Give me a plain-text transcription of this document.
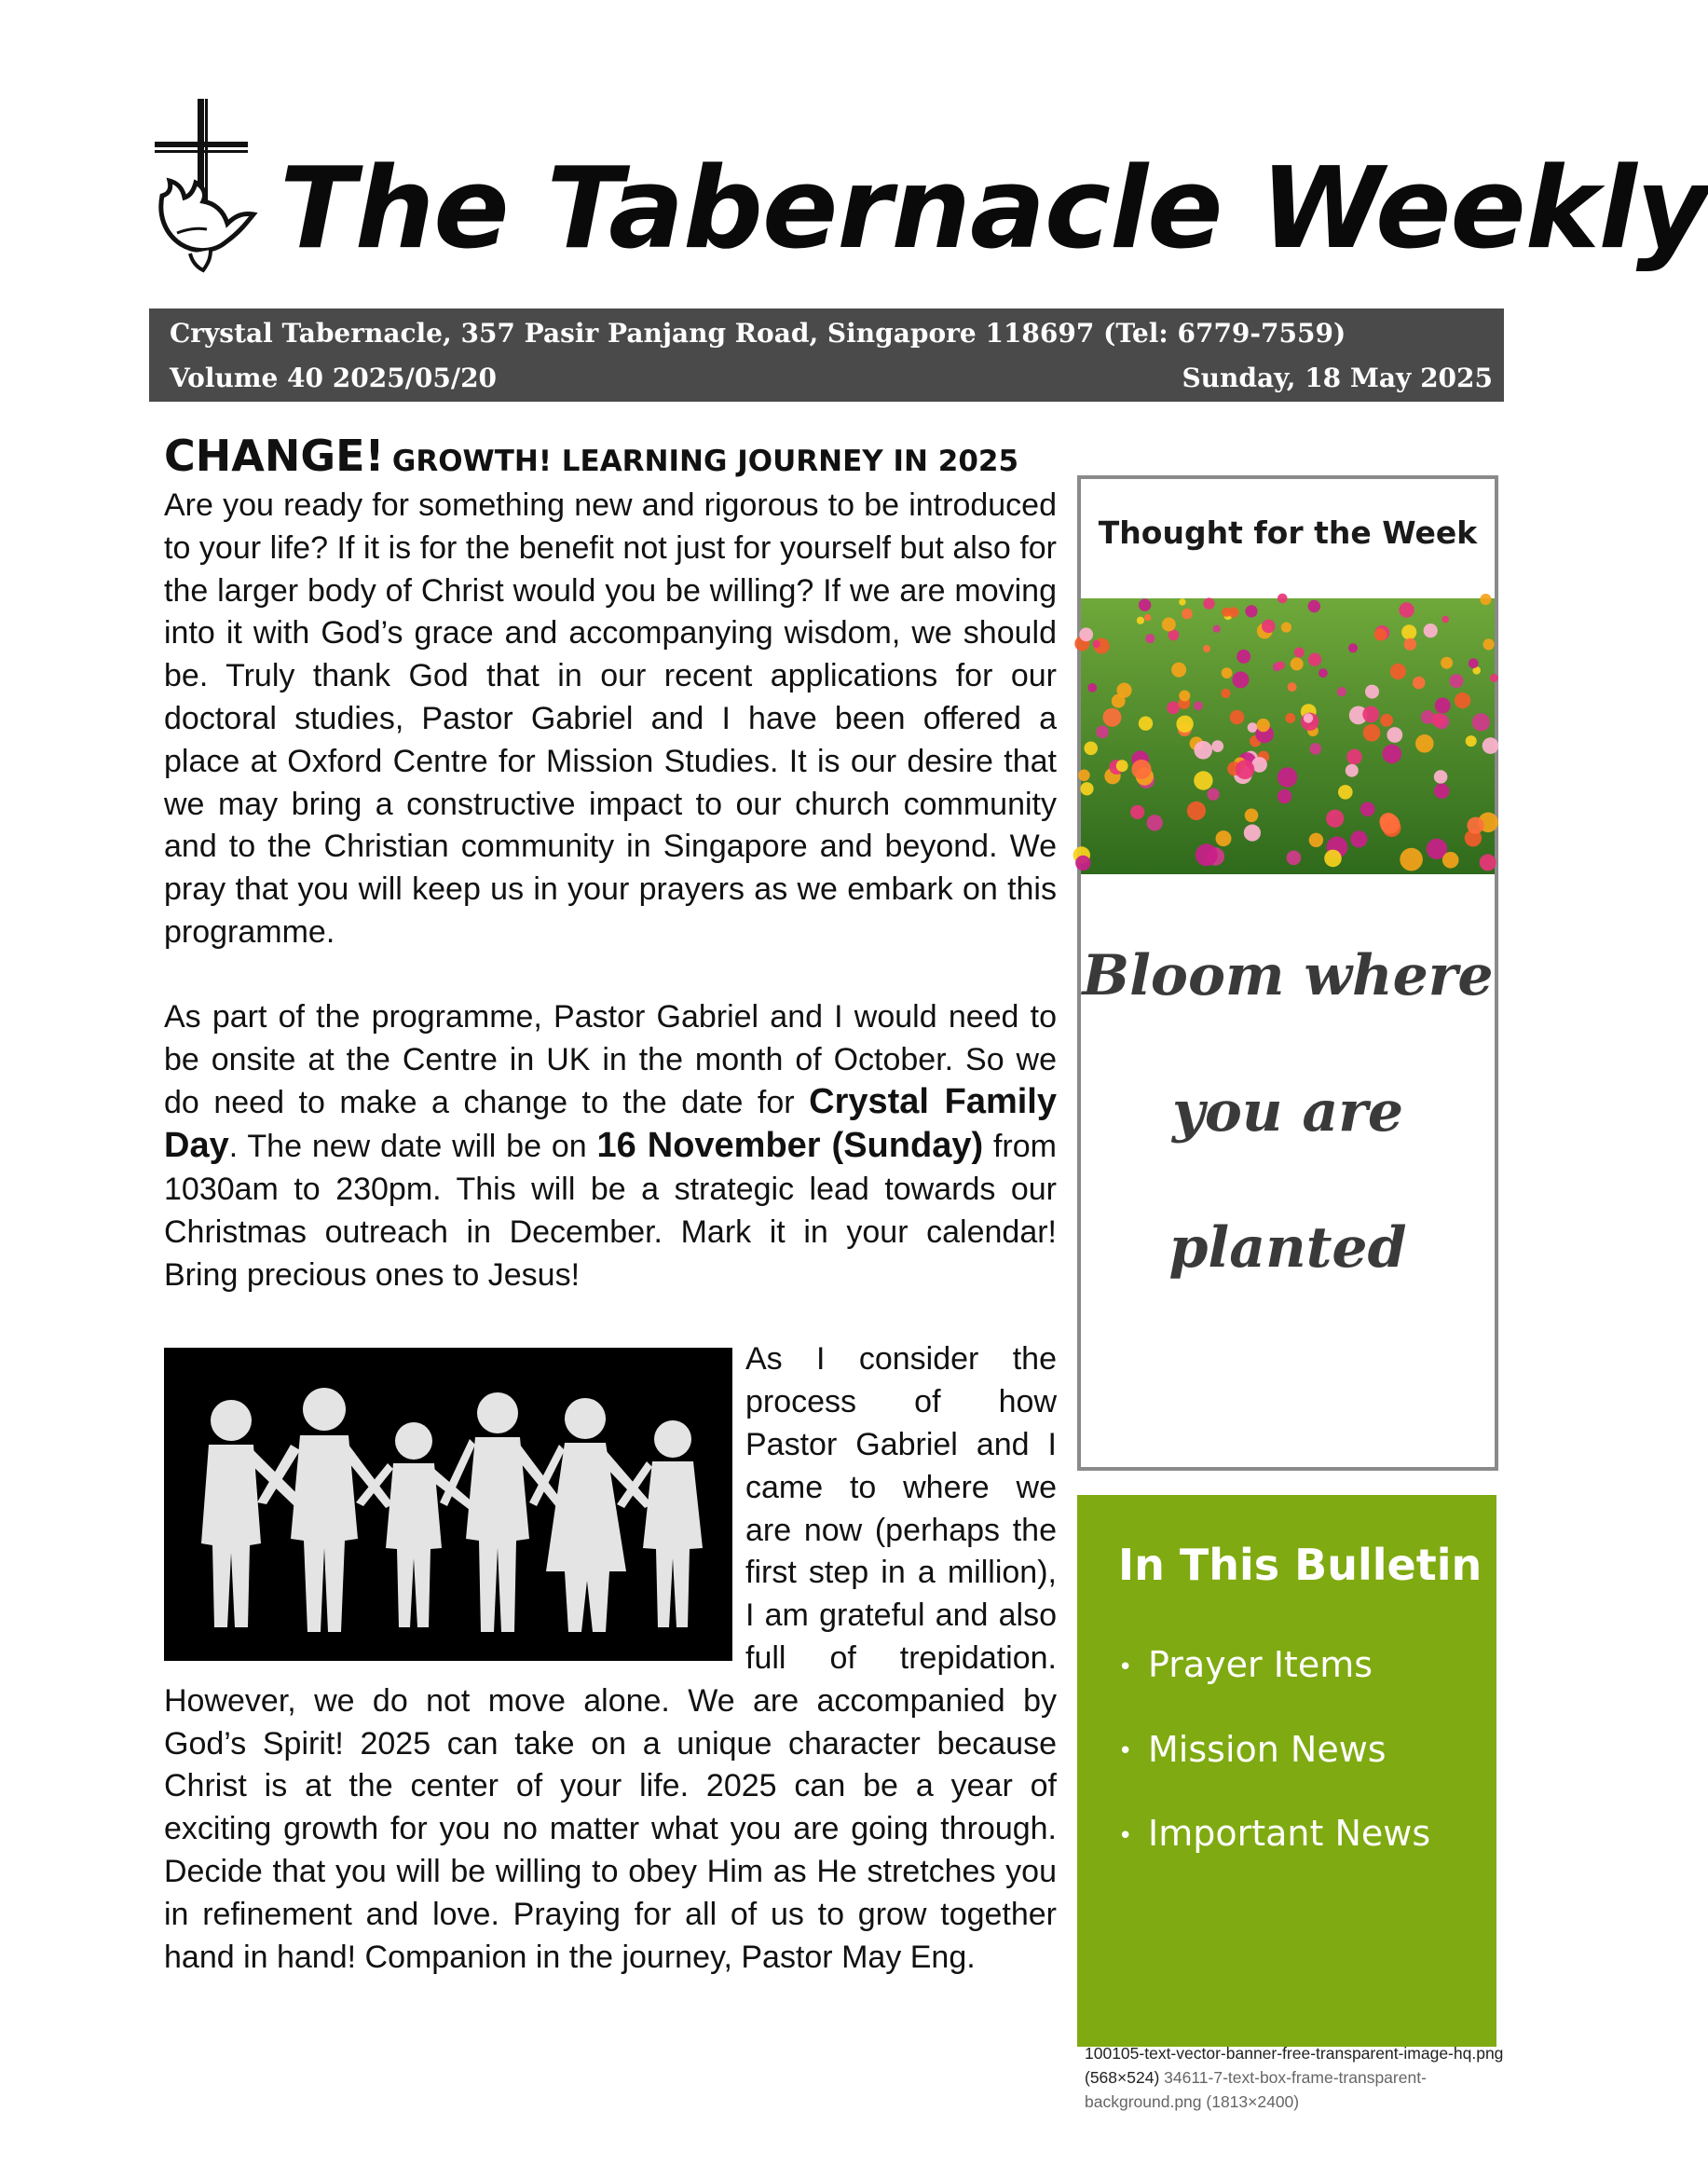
The Tabernacle Weekly
Crystal Tabernacle, 357 Pasir Panjang Road, Singapore 118697 (Tel: 6779-7559)
Volume 40 2025/05/20	Sunday, 18 May 2025
CHANGE! GROWTH! LEARNING JOURNEY IN 2025

Are you ready for something new and rigorous to be introduced to your life? If it is for the benefit not just for yourself but also for the larger body of Christ would you be willing? If we are moving into it with God’s grace and accompanying wisdom, we should be. Truly thank God that in our recent applications for our doctoral studies, Pastor Gabriel and I have been offered a place at Oxford Centre for Mission Studies. It is our desire that we may bring a constructive impact to our church community and to the Christian community in Singapore and beyond. We pray that you will keep us in your prayers as we embark on this programme.

As part of the programme, Pastor Gabriel and I would need to be onsite at the Centre in UK in the month of October. So we do need to make a change to the date for Crystal Family Day. The new date will be on 16 November (Sunday) from 1030am to 230pm. This will be a strategic lead towards our Christmas outreach in December. Mark it in your calendar! Bring precious ones to Jesus!

As I consider the process of how Pastor Gabriel and I came to where we are now (perhaps the first step in a million), I am grateful and also full of trepidation. However, we do not move alone. We are accompanied by God’s Spirit! 2025 can take on a unique character because Christ is at the center of your life. 2025 can be a year of exciting growth for you no matter what you are going through. Decide that you will be willing to obey Him as He stretches you in refinement and love. Praying for all of us to grow together hand in hand! Companion in the journey, Pastor May Eng.

Thought for the Week
Bloom where
you are
planted
In This Bulletin
• Prayer Items
• Mission News
• Important News
100105-text-vector-banner-free-transparent-image-hq.png (568×524) 34611-7-text-box-frame-transparent-background.png (1813×2400)
